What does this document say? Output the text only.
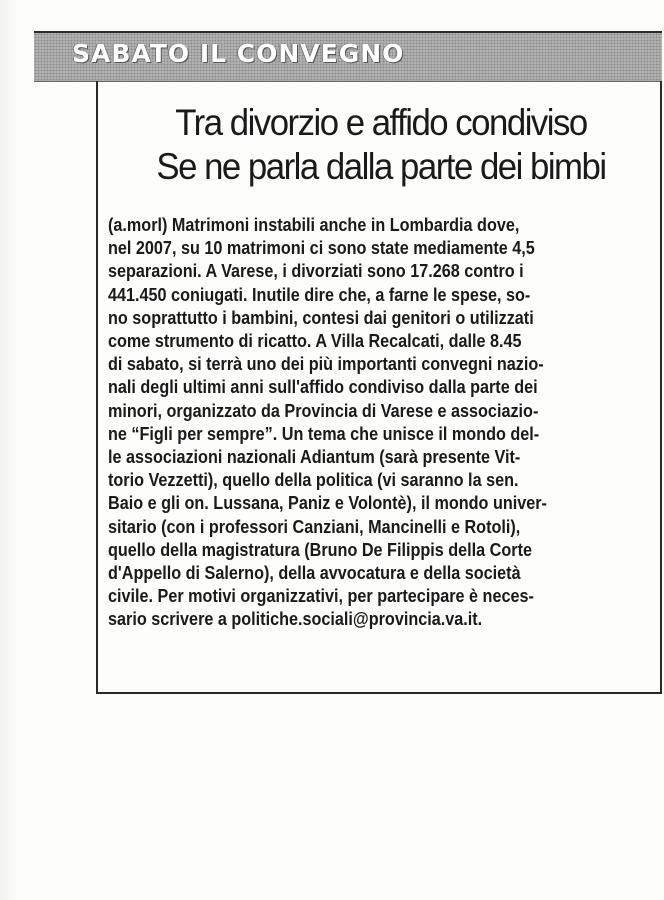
SABATO IL CONVEGNO
Tra divorzio e affido condiviso
Se ne parla dalla parte dei bimbi

(a.morl) Matrimoni instabili anche in Lombardia dove,
nel 2007, su 10 matrimoni ci sono state mediamente 4,5
separazioni. A Varese, i divorziati sono 17.268 contro i
441.450 coniugati. Inutile dire che, a farne le spese, so-
no soprattutto i bambini, contesi dai genitori o utilizzati
come strumento di ricatto. A Villa Recalcati, dalle 8.45
di sabato, si terrà uno dei più importanti convegni nazio-
nali degli ultimi anni sull'affido condiviso dalla parte dei
minori, organizzato da Provincia di Varese e associazio-
ne “Figli per sempre”. Un tema che unisce il mondo del-
le associazioni nazionali Adiantum (sarà presente Vit-
torio Vezzetti), quello della politica (vi saranno la sen.
Baio e gli on. Lussana, Paniz e Volontè), il mondo univer-
sitario (con i professori Canziani, Mancinelli e Rotoli),
quello della magistratura (Bruno De Filippis della Corte
d'Appello di Salerno), della avvocatura e della società
civile. Per motivi organizzativi, per partecipare è neces-
sario scrivere a politiche.sociali@provincia.va.it.
